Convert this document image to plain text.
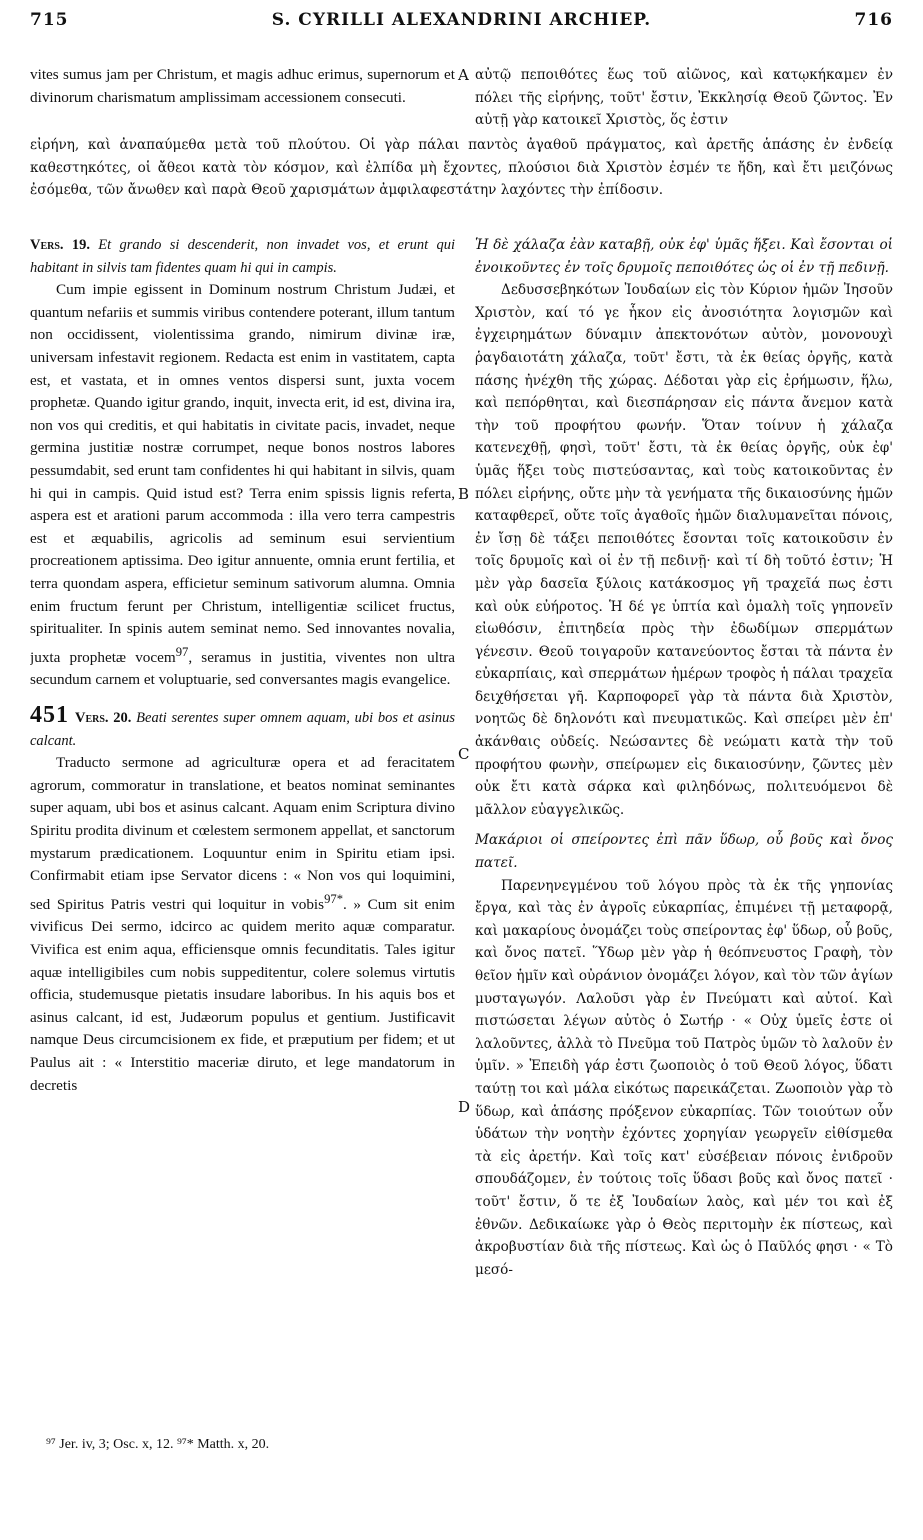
715	S. CYRILLI ALEXANDRINI ARCHIEP.	716

vites sumus jam per Christum, et magis adhuc erimus, supernorum et divinorum charismatum amplissimam accessionem consecuti.

αὐτῷ πεποιθότες ἕως τοῦ αἰῶνος, καὶ κατῳκήκαμεν ἐν πόλει τῆς εἰρήνης, τοῦτ' ἔστιν, Ἐκκλησίᾳ Θεοῦ ζῶντος. Ἐν αὐτῇ γὰρ κατοικεῖ Χριστὸς, ὅς ἐστιν

εἰρήνη, καὶ ἀναπαύμεθα μετὰ τοῦ πλούτου. Οἱ γὰρ πάλαι παντὸς ἀγαθοῦ πράγματος, καὶ ἀρετῆς ἁπάσης ἐν ἐνδείᾳ καθεστηκότες, οἱ ἄθεοι κατὰ τὸν κόσμον, καὶ ἐλπίδα μὴ ἔχοντες, πλούσιοι διὰ Χριστὸν ἐσμέν τε ἤδη, καὶ ἔτι μειζόνως ἐσόμεθα, τῶν ἄνωθεν καὶ παρὰ Θεοῦ χαρισμάτων ἀμφιλαφεστάτην λαχόντες τὴν ἐπίδοσιν.

Vers. 19. Et grando si descenderit, non invadet vos, et erunt qui habitant in silvis tam fidentes quam hi qui in campis.

Cum impie egissent in Dominum nostrum Christum Judæi, et quantum nefariis et summis viribus contendere poterant, illum tantum non occidissent, violentissima grando, nimirum divinæ iræ, universam infestavit regionem. Redacta est enim in vastitatem, capta est, et vastata, et in omnes ventos dispersi sunt, juxta vocem prophetæ. Quando igitur grando, inquit, invecta erit, id est, divina ira, non vos qui creditis, et qui habitatis in civitate pacis, invadet, neque germina justitiæ nostræ corrumpet, neque bonos nostros labores pessumdabit, sed erunt tam confidentes hi qui habitant in silvis, quam hi qui in campis. Quid istud est? Terra enim spissis lignis referta, aspera est et arationi parum accommoda : illa vero terra campestris est et æquabilis, agricolis ad seminum esui servientium procreationem aptissima. Deo igitur annuente, omnia erunt fertilia, et terra quondam aspera, efficietur seminum sativorum alumna. Omnia enim fructum ferunt per Christum, intelligentiæ scilicet fructus, spiritualiter. In spinis autem seminat nemo. Sed innovantes novalia, juxta prophetæ vocem$^{97}$, seramus in justitia, viventes non ultra secundum carnem et voluptuarie, sed conversantes magis evangelice.

451 Vers. 20. Beati serentes super omnem aquam, ubi bos et asinus calcant.

Traducto sermone ad agriculturæ opera et ad feracitatem agrorum, commoratur in translatione, et beatos nominat seminantes super aquam, ubi bos et asinus calcant. Aquam enim Scriptura divino Spiritu prodita divinum et cœlestem sermonem appellat, et sanctorum mystarum prædicationem. Loquuntur enim in Spiritu etiam ipsi. Confirmabit etiam ipse Servator dicens : « Non vos qui loquimini, sed Spiritus Patris vestri qui loquitur in vobis$^{97*}$. » Cum sit enim vivificus Dei sermo, idcirco ac quidem merito aquæ comparatur. Vivifica est enim aqua, efficiensque omnis fecunditatis. Tales igitur aquæ intelligibiles cum nobis suppeditentur, colere solemus virtutis officia, studemusque pietatis insudare laboribus. In his aquis bos et asinus calcant, id est, Judæorum populus et gentium. Justificavit namque Deus circumcisionem ex fide, et præputium per fidem; et ut Paulus ait : « Interstitio maceriæ diruto, et lege mandatorum in decretis

Ἡ δὲ χάλαζα ἐὰν καταβῇ, οὐκ ἐφ' ὑμᾶς ἥξει. Καὶ ἔσονται οἱ ἐνοικοῦντες ἐν τοῖς δρυμοῖς πεποιθότες ὡς οἱ ἐν τῇ πεδινῇ.

Δεδυσσεβηκότων Ἰουδαίων εἰς τὸν Κύριον ἡμῶν Ἰησοῦν Χριστὸν, καί τό γε ἧκον εἰς ἀνοσιότητα λογισμῶν καὶ ἐγχειρημάτων δύναμιν ἀπεκτονότων αὐτὸν, μονονουχὶ ῥαγδαιοτάτη χάλαζα, τοῦτ' ἔστι, τὰ ἐκ θείας ὀργῆς, κατὰ πάσης ἠνέχθη τῆς χώρας. Δέδοται γὰρ εἰς ἐρήμωσιν, ἥλω, καὶ πεπόρθηται, καὶ διεσπάρησαν εἰς πάντα ἄνεμον κατὰ τὴν τοῦ προφήτου φωνήν. Ὅταν τοίνυν ἡ χάλαζα κατενεχθῇ, φησὶ, τοῦτ' ἔστι, τὰ ἐκ θείας ὀργῆς, οὐκ ἐφ' ὑμᾶς ἥξει τοὺς πιστεύσαντας, καὶ τοὺς κατοικοῦντας ἐν πόλει εἰρήνης, οὔτε μὴν τὰ γενήματα τῆς δικαιοσύνης ἡμῶν καταφθερεῖ, οὔτε τοῖς ἀγαθοῖς ἡμῶν διαλυμανεῖται πόνοις, ἐν ἴσῃ δὲ τάξει πεποιθότες ἔσονται τοῖς κατοικοῦσιν ἐν τοῖς δρυμοῖς καὶ οἱ ἐν τῇ πεδινῇ· καὶ τί δὴ τοῦτό ἐστιν; Ἡ μὲν γὰρ δασεῖα ξύλοις κατάκοσμος γῆ τραχεῖά πως ἐστι καὶ οὐκ εὐήροτος. Ἡ δέ γε ὑπτία καὶ ὁμαλὴ τοῖς γηπονεῖν εἰωθόσιν, ἐπιτηδεία πρὸς τὴν ἐδωδίμων σπερμάτων γένεσιν. Θεοῦ τοιγαροῦν κατανεύοντος ἔσται τὰ πάντα ἐν εὐκαρπίαις, καὶ σπερμάτων ἡμέρων τροφὸς ἡ πάλαι τραχεῖα δειχθήσεται γῆ. Καρποφορεῖ γὰρ τὰ πάντα διὰ Χριστὸν, νοητῶς δὲ δηλονότι καὶ πνευματικῶς. Καὶ σπείρει μὲν ἐπ' ἀκάνθαις οὐδείς. Νεώσαντες δὲ νεώματι κατὰ τὴν τοῦ προφήτου φωνὴν, σπείρωμεν εἰς δικαιοσύνην, ζῶντες μὲν οὐκ ἔτι κατὰ σάρκα καὶ φιληδόνως, πολιτευόμενοι δὲ μᾶλλον εὐαγγελικῶς.

Μακάριοι οἱ σπείροντες ἐπὶ πᾶν ὕδωρ, οὗ βοῦς καὶ ὄνος πατεῖ.

Παρενηνεγμένου τοῦ λόγου πρὸς τὰ ἐκ τῆς γηπονίας ἔργα, καὶ τὰς ἐν ἀγροῖς εὐκαρπίας, ἐπιμένει τῇ μεταφορᾷ, καὶ μακαρίους ὀνομάζει τοὺς σπείροντας ἐφ' ὕδωρ, οὗ βοῦς, καὶ ὄνος πατεῖ. Ὕδωρ μὲν γὰρ ἡ θεόπνευστος Γραφὴ, τὸν θεῖον ἡμῖν καὶ οὐράνιον ὀνομάζει λόγον, καὶ τὸν τῶν ἁγίων μυσταγωγόν. Λαλοῦσι γὰρ ἐν Πνεύματι καὶ αὐτοί. Καὶ πιστώσεται λέγων αὐτὸς ὁ Σωτήρ · « Οὐχ ὑμεῖς ἐστε οἱ λαλοῦντες, ἀλλὰ τὸ Πνεῦμα τοῦ Πατρὸς ὑμῶν τὸ λαλοῦν ἐν ὑμῖν. » Ἐπειδὴ γάρ ἐστι ζωοποιὸς ὁ τοῦ Θεοῦ λόγος, ὕδατι ταύτῃ τοι καὶ μάλα εἰκότως παρεικάζεται. Ζωοποιὸν γὰρ τὸ ὕδωρ, καὶ ἁπάσης πρόξενον εὐκαρπίας. Τῶν τοιούτων οὖν ὑδάτων τὴν νοητὴν ἐχόντες χορηγίαν γεωργεῖν εἰθίσμεθα τὰ εἰς ἀρετήν. Καὶ τοῖς κατ' εὐσέβειαν πόνοις ἐνιδροῦν σπουδάζομεν, ἐν τούτοις τοῖς ὕδασι βοῦς καὶ ὄνος πατεῖ · τοῦτ' ἔστιν, ὅ τε ἐξ Ἰουδαίων λαὸς, καὶ μέν τοι καὶ ἐξ ἐθνῶν. Δεδικαίωκε γὰρ ὁ Θεὸς περιτομὴν ἐκ πίστεως, καὶ ἀκροβυστίαν διὰ τῆς πίστεως. Καὶ ὡς ὁ Παῦλός φησι · « Τὸ μεσό-

A
B
C
D
⁹⁷ Jer. iv, 3; Osc. x, 12. ⁹⁷* Matth. x, 20.
